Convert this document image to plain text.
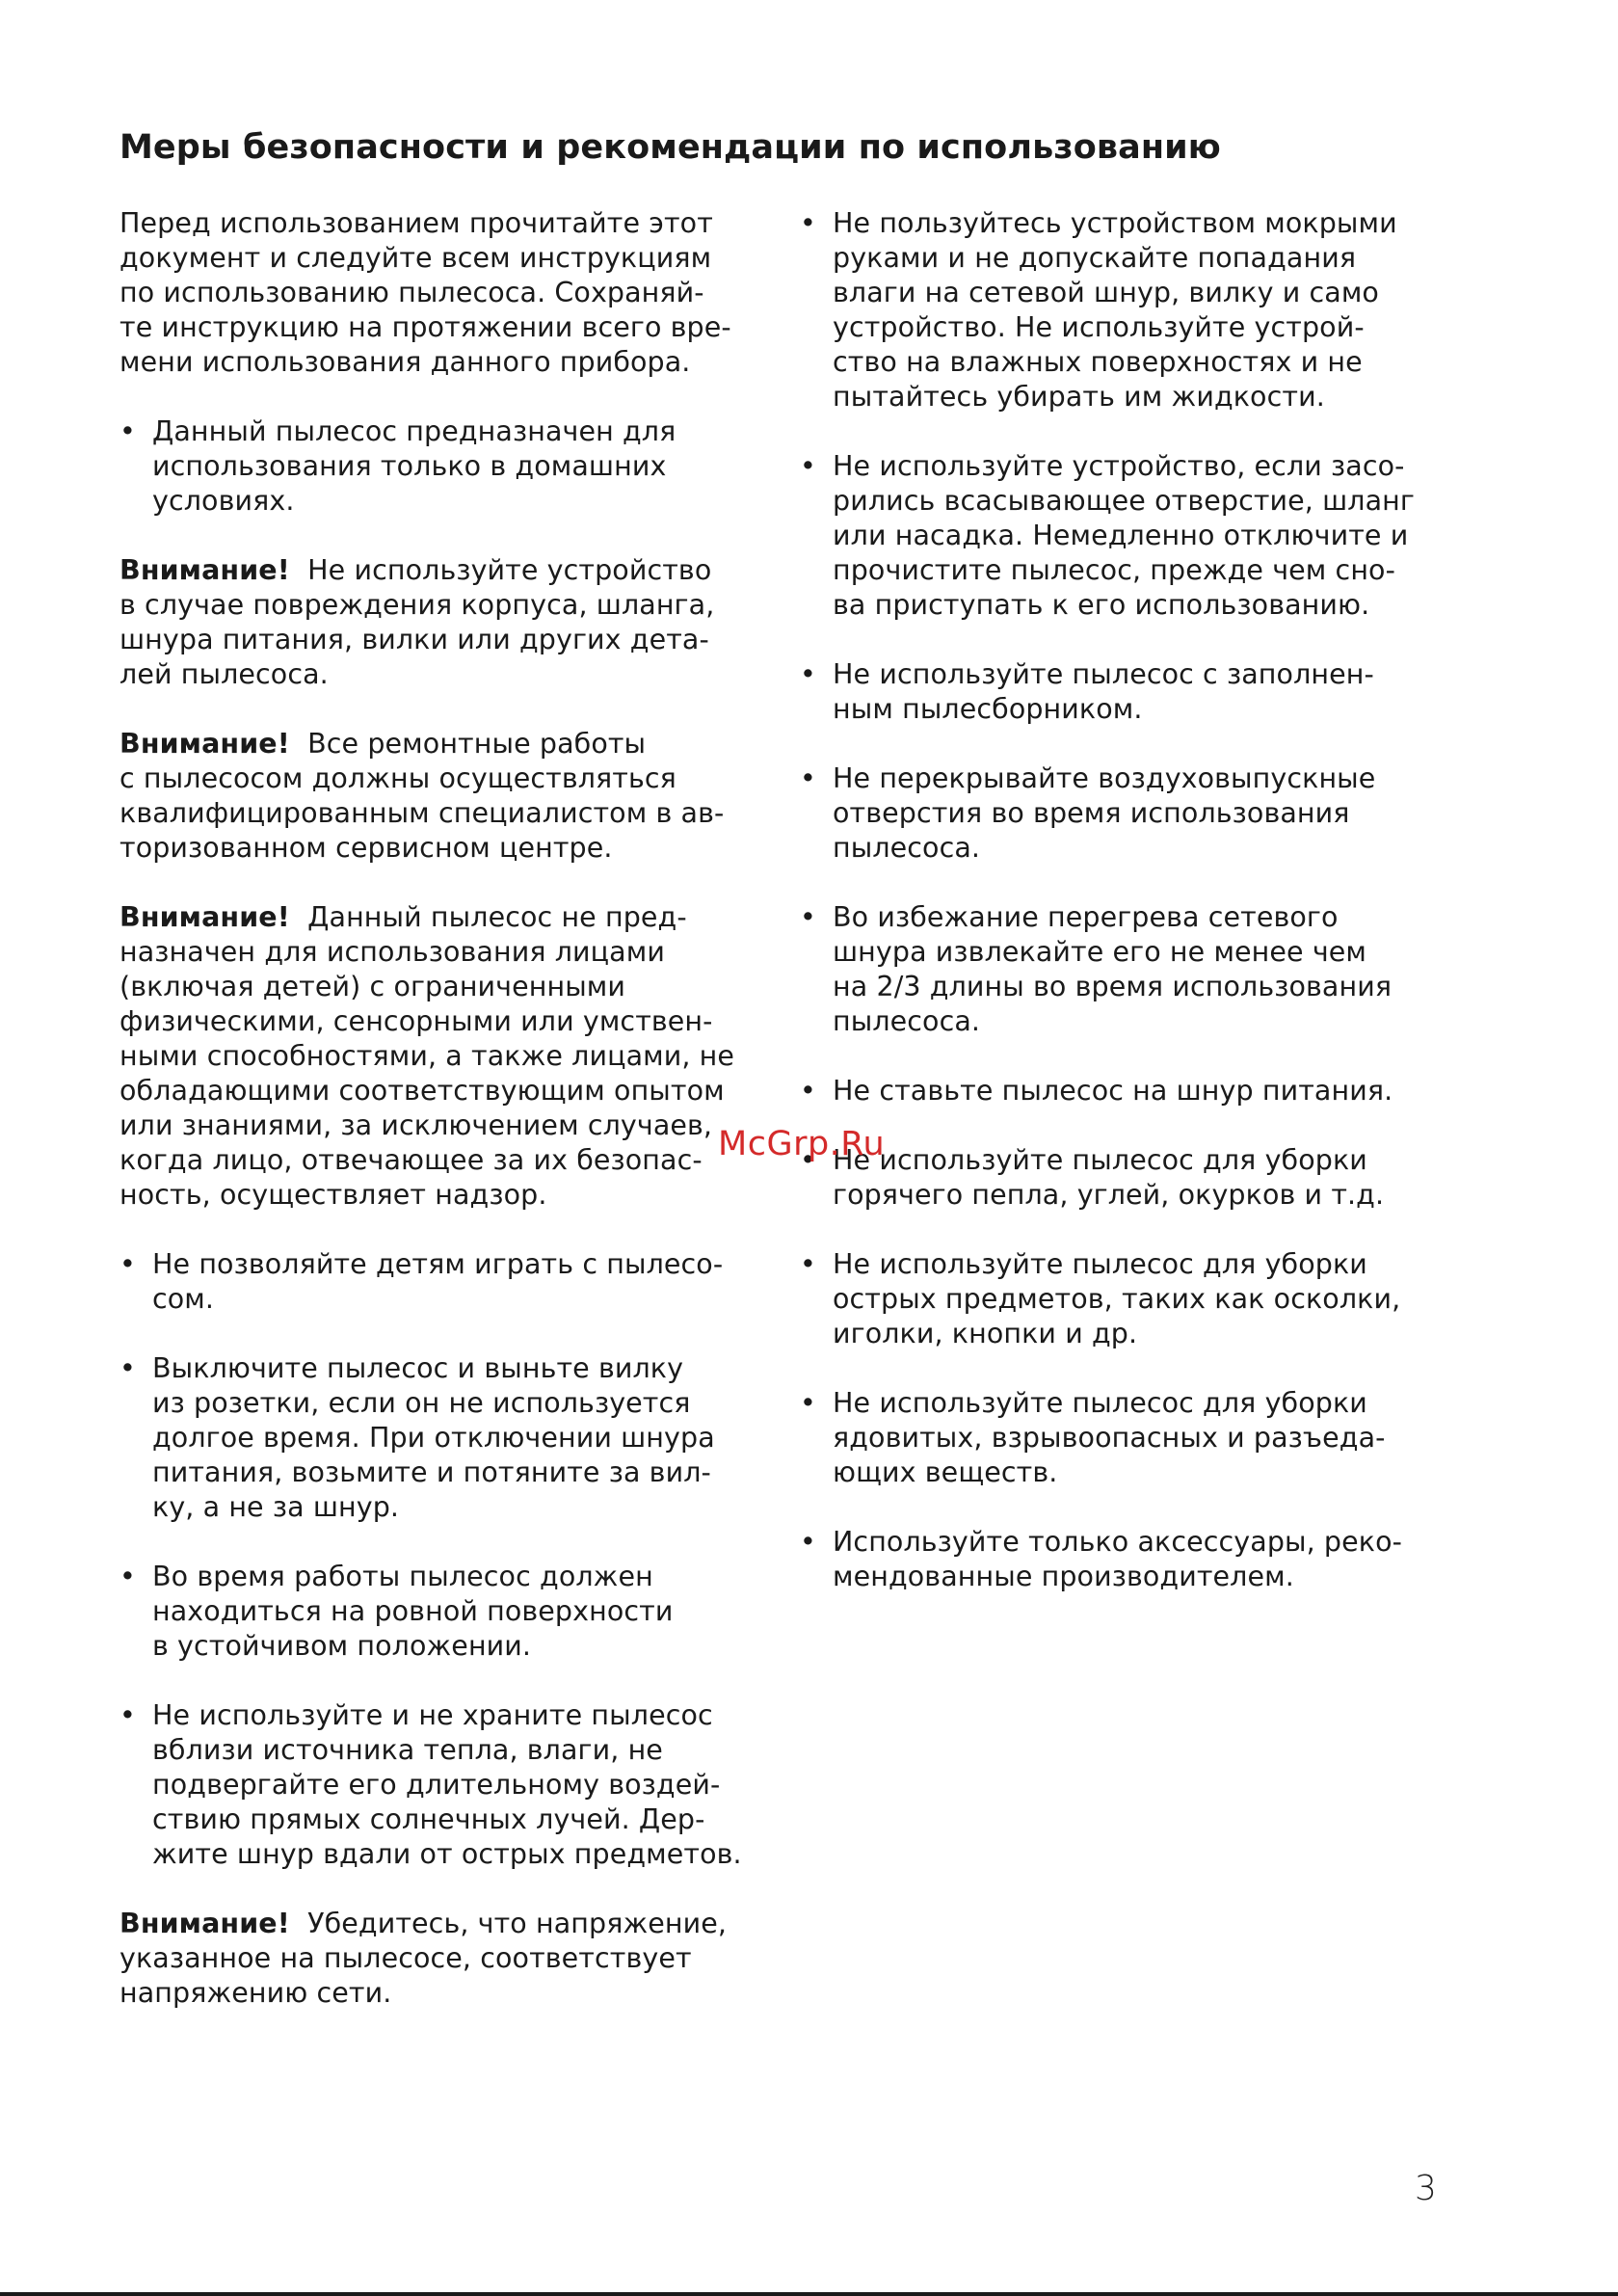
Меры безопасности и рекомендации по использованию
Перед использованием прочитайте этот
документ и следуйте всем инструкциям
по использованию пылесоса. Сохраняй-
те инструкцию на протяжении всего вре-
мени использования данного прибора.
• Данный пылесос предназначен для
использования только в домашних
условиях.
Внимание! Не используйте устройство
в случае повреждения корпуса, шланга,
шнура питания, вилки или других дета-
лей пылесоса.
Внимание! Все ремонтные работы
с пылесосом должны осуществляться
квалифицированным специалистом в ав-
торизованном сервисном центре.
Внимание! Данный пылесос не пред-
назначен для использования лицами
(включая детей) с ограниченными
физическими, сенсорными или умствен-
ными способностями, а также лицами, не
обладающими соответствующим опытом
или знаниями, за исключением случаев,
когда лицо, отвечающее за их безопас-
ность, осуществляет надзор.
• Не позволяйте детям играть с пылесо-
сом.
• Выключите пылесос и выньте вилку
из розетки, если он не используется
долгое время. При отключении шнура
питания, возьмите и потяните за вил-
ку, а не за шнур.
• Во время работы пылесос должен
находиться на ровной поверхности
в устойчивом положении.
• Не используйте и не храните пылесос
вблизи источника тепла, влаги, не
подвергайте его длительному воздей-
ствию прямых солнечных лучей. Дер-
жите шнур вдали от острых предметов.
Внимание! Убедитесь, что напряжение,
указанное на пылесосе, соответствует
напряжению сети.
• Не пользуйтесь устройством мокрыми
руками и не допускайте попадания
влаги на сетевой шнур, вилку и само
устройство. Не используйте устрой-
ство на влажных поверхностях и не
пытайтесь убирать им жидкости.
• Не используйте устройство, если засо-
рились всасывающее отверстие, шланг
или насадка. Немедленно отключите и
прочистите пылесос, прежде чем сно-
ва приступать к его использованию.
• Не используйте пылесос с заполнен-
ным пылесборником.
• Не перекрывайте воздуховыпускные
отверстия во время использования
пылесоса.
• Во избежание перегрева сетевого
шнура извлекайте его не менее чем
на 2/3 длины во время использования
пылесоса.
• Не ставьте пылесос на шнур питания.
• Не используйте пылесос для уборки
горячего пепла, углей, окурков и т.д.
• Не используйте пылесос для уборки
острых предметов, таких как осколки,
иголки, кнопки и др.
• Не используйте пылесос для уборки
ядовитых, взрывоопасных и разъеда-
ющих веществ.
• Используйте только аксессуары, реко-
мендованные производителем.
McGrp.Ru
3
